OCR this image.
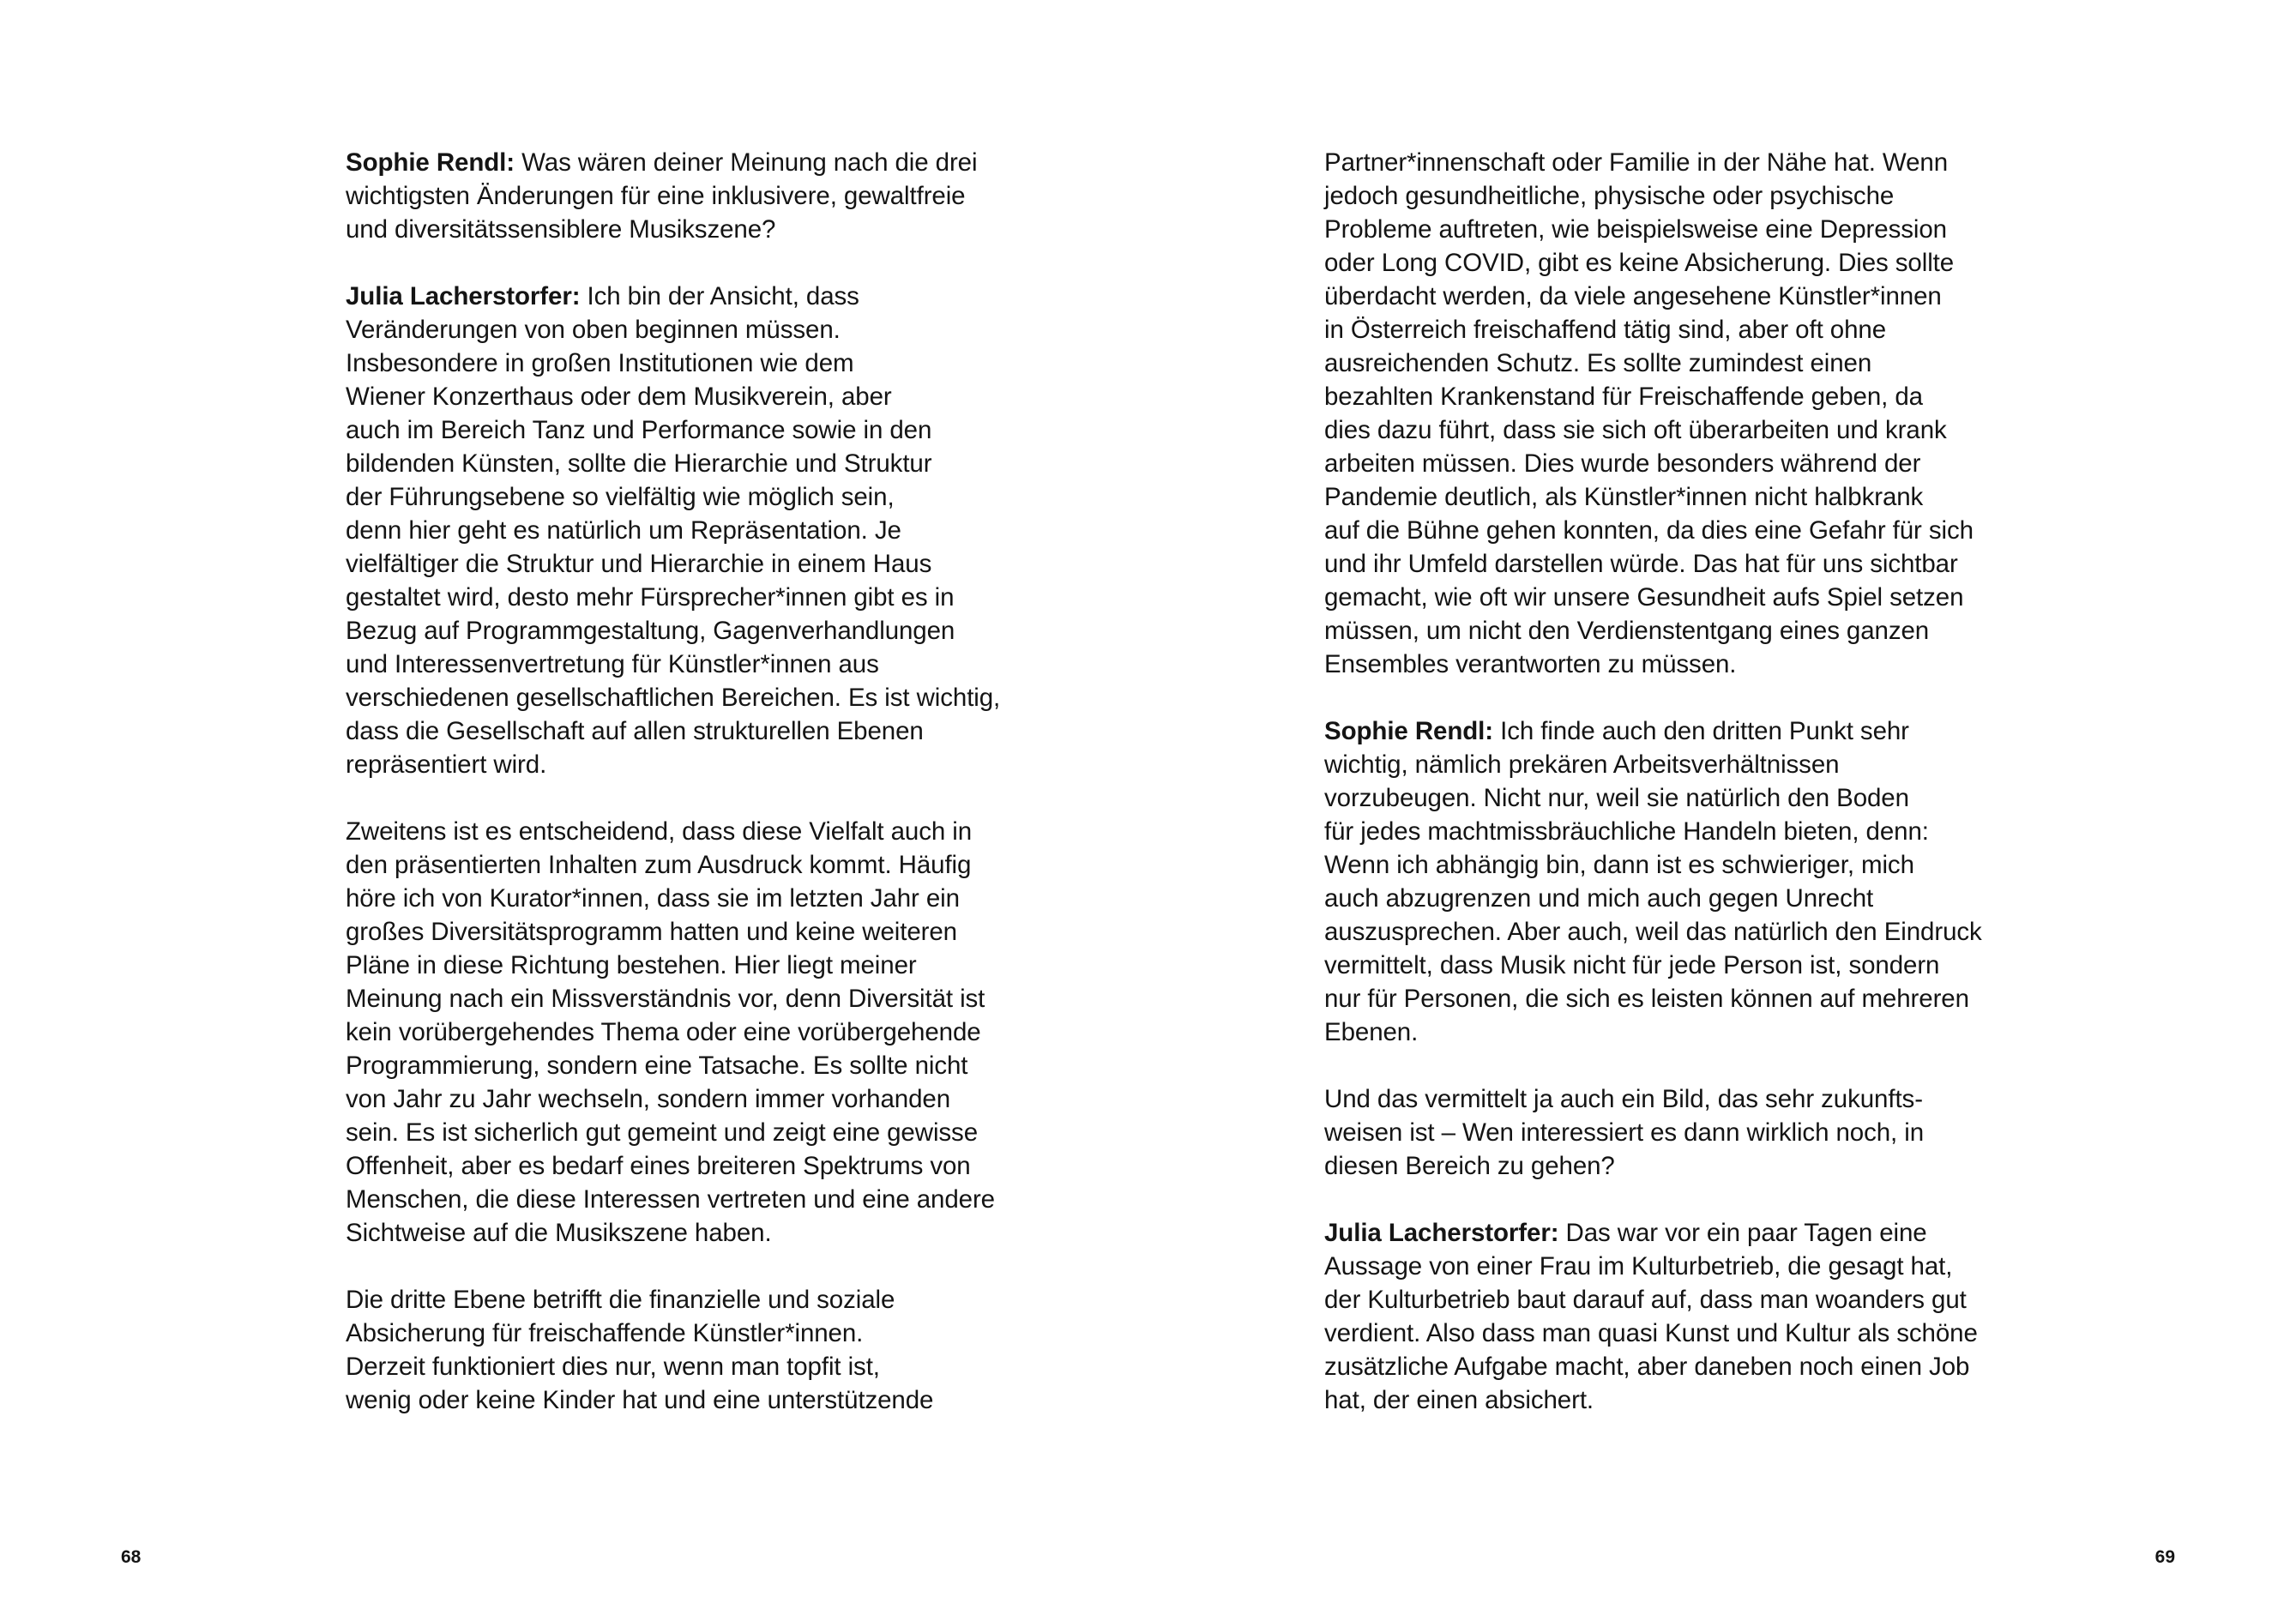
Sophie Rendl: Was wären deiner Meinung nach die drei
wichtigsten Änderungen für eine inklusivere, gewaltfreie
und diversitätssensiblere Musikszene?

Julia Lacherstorfer: Ich bin der Ansicht, dass
Veränderungen von oben beginnen müssen.
Insbesondere in großen Institutionen wie dem
Wiener Konzerthaus oder dem Musikverein, aber
auch im Bereich Tanz und Performance sowie in den
bildenden Künsten, sollte die Hierarchie und Struktur
der Führungsebene so vielfältig wie möglich sein,
denn hier geht es natürlich um Repräsentation. Je
vielfältiger die Struktur und Hierarchie in einem Haus
gestaltet wird, desto mehr Fürsprecher*innen gibt es in
Bezug auf Programmgestaltung, Gagenverhandlungen
und Interessenvertretung für Künstler*innen aus
verschiedenen gesellschaftlichen Bereichen. Es ist wichtig,
dass die Gesellschaft auf allen strukturellen Ebenen
repräsentiert wird.

Zweitens ist es entscheidend, dass diese Vielfalt auch in
den präsentierten Inhalten zum Ausdruck kommt. Häufig
höre ich von Kurator*innen, dass sie im letzten Jahr ein
großes Diversitätsprogramm hatten und keine weiteren
Pläne in diese Richtung bestehen. Hier liegt meiner
Meinung nach ein Missverständnis vor, denn Diversität ist
kein vorübergehendes Thema oder eine vorübergehende
Programmierung, sondern eine Tatsache. Es sollte nicht
von Jahr zu Jahr wechseln, sondern immer vorhanden
sein. Es ist sicherlich gut gemeint und zeigt eine gewisse
Offenheit, aber es bedarf eines breiteren Spektrums von
Menschen, die diese Interessen vertreten und eine andere
Sichtweise auf die Musikszene haben.

Die dritte Ebene betrifft die finanzielle und soziale
Absicherung für freischaffende Künstler*innen.
Derzeit funktioniert dies nur, wenn man topfit ist,
wenig oder keine Kinder hat und eine unterstützende

68

Partner*innenschaft oder Familie in der Nähe hat. Wenn
jedoch gesundheitliche, physische oder psychische
Probleme auftreten, wie beispielsweise eine Depression
oder Long COVID, gibt es keine Absicherung. Dies sollte
überdacht werden, da viele angesehene Künstler*innen
in Österreich freischaffend tätig sind, aber oft ohne
ausreichenden Schutz. Es sollte zumindest einen
bezahlten Krankenstand für Freischaffende geben, da
dies dazu führt, dass sie sich oft überarbeiten und krank
arbeiten müssen. Dies wurde besonders während der
Pandemie deutlich, als Künstler*innen nicht halbkrank
auf die Bühne gehen konnten, da dies eine Gefahr für sich
und ihr Umfeld darstellen würde. Das hat für uns sichtbar
gemacht, wie oft wir unsere Gesundheit aufs Spiel setzen
müssen, um nicht den Verdienstentgang eines ganzen
Ensembles verantworten zu müssen.

Sophie Rendl: Ich finde auch den dritten Punkt sehr
wichtig, nämlich prekären Arbeitsverhältnissen
vorzubeugen. Nicht nur, weil sie natürlich den Boden
für jedes machtmissbräuchliche Handeln bieten, denn:
Wenn ich abhängig bin, dann ist es schwieriger, mich
auch abzugrenzen und mich auch gegen Unrecht
auszusprechen. Aber auch, weil das natürlich den Eindruck
vermittelt, dass Musik nicht für jede Person ist, sondern
nur für Personen, die sich es leisten können auf mehreren
Ebenen.

Und das vermittelt ja auch ein Bild, das sehr zukunfts-
weisen ist – Wen interessiert es dann wirklich noch, in
diesen Bereich zu gehen?

Julia Lacherstorfer: Das war vor ein paar Tagen eine
Aussage von einer Frau im Kulturbetrieb, die gesagt hat,
der Kulturbetrieb baut darauf auf, dass man woanders gut
verdient. Also dass man quasi Kunst und Kultur als schöne
zusätzliche Aufgabe macht, aber daneben noch einen Job
hat, der einen absichert.

69
